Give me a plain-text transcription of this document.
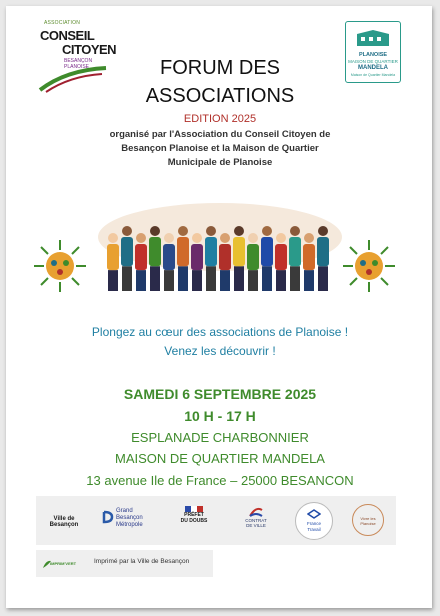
ASSOCIATION
CONSEIL
CITOYEN
BESANÇON PLANOISE
PLANOISE
MAISON DE QUARTIER
MANDELA
Maison de Quartier Mandela
FORUM DES
ASSOCIATIONS
EDITION 2025
organisé par l'Association du Conseil Citoyen de
Besançon Planoise et la Maison de Quartier
Municipale de Planoise
Plongez au cœur des associations de Planoise !
Venez les découvrir !
SAMEDI 6 SEPTEMBRE 2025
10 H - 17 H
ESPLANADE CHARBONNIER
MAISON DE QUARTIER MANDELA
13 avenue Ile de France – 25000 BESANCON
Ville de Besançon
Grand
Besançon
Métropole
PRÉFET
DU DOUBS	CONTRAT
DE VILLE	France
Travail
Vivre les Planoise
IMPRIM'VERT	Imprimé par la Ville de Besançon
